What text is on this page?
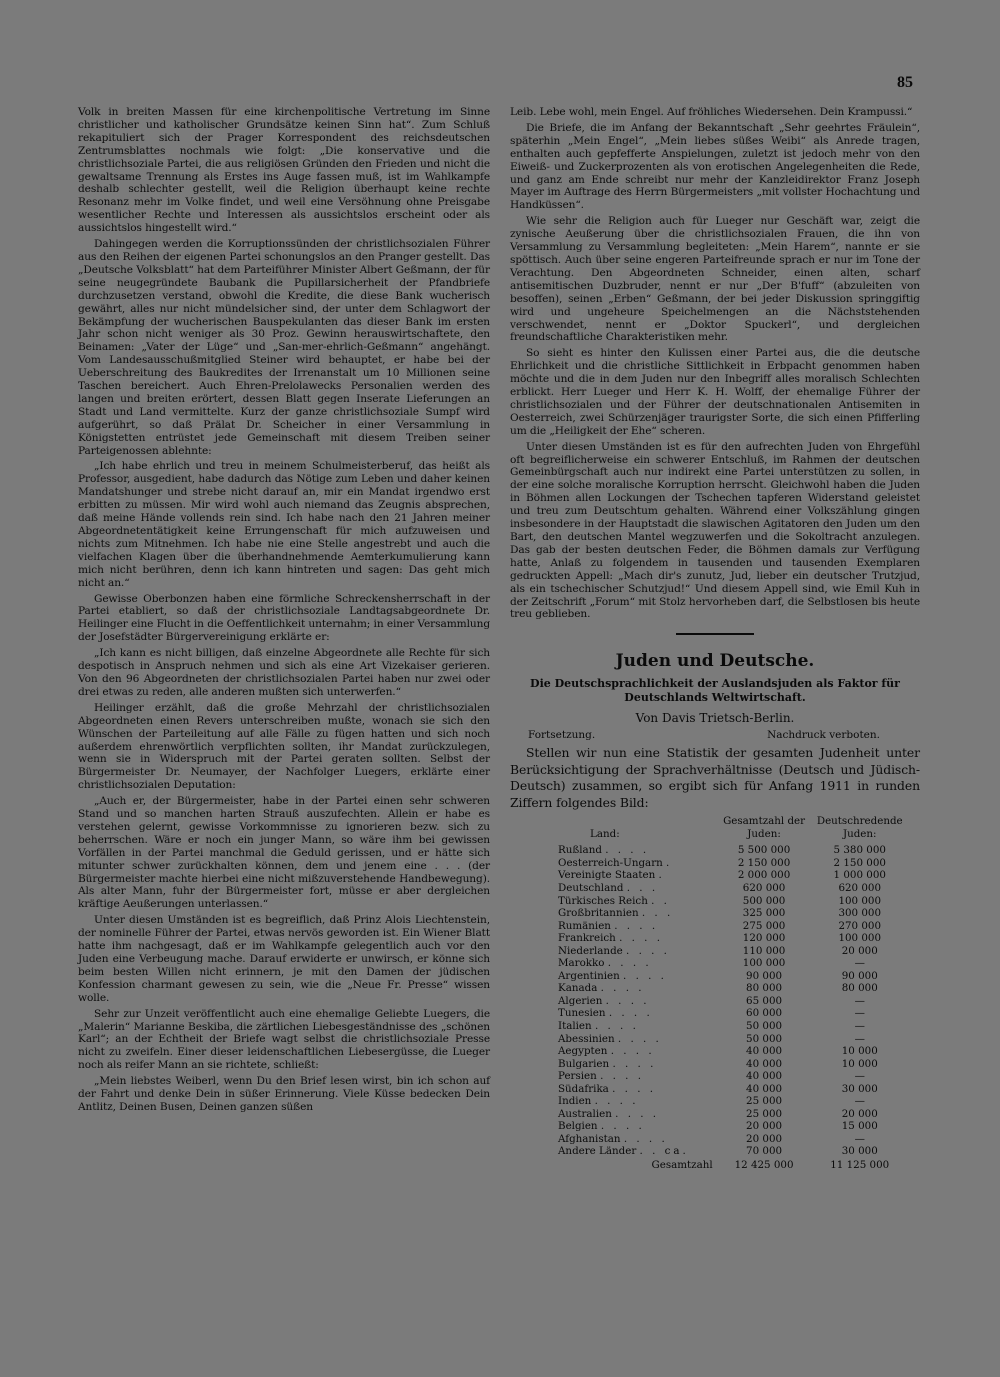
85

Volk in breiten Massen für eine kirchenpolitische Vertretung im Sinne christlicher und katholischer Grundsätze keinen Sinn hat“. Zum Schluß rekapituliert sich der Prager Korrespondent des reichsdeutschen Zentrumsblattes nochmals wie folgt: „Die konservative und die christlichsoziale Partei, die aus religiösen Gründen den Frieden und nicht die gewaltsame Trennung als Erstes ins Auge fassen muß, ist im Wahlkampfe deshalb schlechter gestellt, weil die Religion überhaupt keine rechte Resonanz mehr im Volke findet, und weil eine Versöhnung ohne Preisgabe wesentlicher Rechte und Interessen als aussichtslos erscheint oder als aussichtslos hingestellt wird.“

Dahingegen werden die Korruptionssünden der christlichsozialen Führer aus den Reihen der eigenen Partei schonungslos an den Pranger gestellt. Das „Deutsche Volksblatt“ hat dem Parteiführer Minister Albert Geßmann, der für seine neugegründete Baubank die Pupillarsicherheit der Pfandbriefe durchzusetzen verstand, obwohl die Kredite, die diese Bank wucherisch gewährt, alles nur nicht mündelsicher sind, der unter dem Schlagwort der Bekämpfung der wucherischen Bauspekulanten das dieser Bank im ersten Jahr schon nicht weniger als 30 Proz. Gewinn herauswirtschaftete, den Beinamen: „Vater der Lüge“ und „San-mer-ehrlich-Geßmann“ angehängt. Vom Landesausschußmitglied Steiner wird behauptet, er habe bei der Ueberschreitung des Baukredites der Irrenanstalt um 10 Millionen seine Taschen bereichert. Auch Ehren-Prelolawecks Personalien werden des langen und breiten erörtert, dessen Blatt gegen Inserate Lieferungen an Stadt und Land vermittelte. Kurz der ganze christlichsoziale Sumpf wird aufgerührt, so daß Prälat Dr. Scheicher in einer Versammlung in Königstetten entrüstet jede Gemeinschaft mit diesem Treiben seiner Parteigenossen ablehnte:

„Ich habe ehrlich und treu in meinem Schulmeisterberuf, das heißt als Professor, ausgedient, habe dadurch das Nötige zum Leben und daher keinen Mandatshunger und strebe nicht darauf an, mir ein Mandat irgendwo erst erbitten zu müssen. Mir wird wohl auch niemand das Zeugnis absprechen, daß meine Hände vollends rein sind. Ich habe nach den 21 Jahren meiner Abgeordnetentätigkeit keine Errungenschaft für mich aufzuweisen und nichts zum Mitnehmen. Ich habe nie eine Stelle angestrebt und auch die vielfachen Klagen über die überhandnehmende Aemterkumulierung kann mich nicht berühren, denn ich kann hintreten und sagen: Das geht mich nicht an.“

Gewisse Oberbonzen haben eine förmliche Schreckensherrschaft in der Partei etabliert, so daß der christlichsoziale Landtagsabgeordnete Dr. Heilinger eine Flucht in die Oeffentlichkeit unternahm; in einer Versammlung der Josefstädter Bürgervereinigung erklärte er:

„Ich kann es nicht billigen, daß einzelne Abgeordnete alle Rechte für sich despotisch in Anspruch nehmen und sich als eine Art Vizekaiser gerieren. Von den 96 Abgeordneten der christlichsozialen Partei haben nur zwei oder drei etwas zu reden, alle anderen mußten sich unterwerfen.“

Heilinger erzählt, daß die große Mehrzahl der christlichsozialen Abgeordneten einen Revers unterschreiben mußte, wonach sie sich den Wünschen der Parteileitung auf alle Fälle zu fügen hatten und sich noch außerdem ehrenwörtlich verpflichten sollten, ihr Mandat zurückzulegen, wenn sie in Widerspruch mit der Partei geraten sollten. Selbst der Bürgermeister Dr. Neumayer, der Nachfolger Luegers, erklärte einer christlichsozialen Deputation:

„Auch er, der Bürgermeister, habe in der Partei einen sehr schweren Stand und so manchen harten Strauß auszufechten. Allein er habe es verstehen gelernt, gewisse Vorkommnisse zu ignorieren bezw. sich zu beherrschen. Wäre er noch ein junger Mann, so wäre ihm bei gewissen Vorfällen in der Partei manchmal die Geduld gerissen, und er hätte sich mitunter schwer zurückhalten können, dem und jenem eine . . . (der Bürgermeister machte hierbei eine nicht mißzuverstehende Handbewegung). Als alter Mann, fuhr der Bürgermeister fort, müsse er aber dergleichen kräftige Aeußerungen unterlassen.“

Unter diesen Umständen ist es begreiflich, daß Prinz Alois Liechtenstein, der nominelle Führer der Partei, etwas nervös geworden ist. Ein Wiener Blatt hatte ihm nachgesagt, daß er im Wahlkampfe gelegentlich auch vor den Juden eine Verbeugung mache. Darauf erwiderte er unwirsch, er könne sich beim besten Willen nicht erinnern, je mit den Damen der jüdischen Konfession charmant gewesen zu sein, wie die „Neue Fr. Presse“ wissen wolle.

Sehr zur Unzeit veröffentlicht auch eine ehemalige Geliebte Luegers, die „Malerin“ Marianne Beskiba, die zärtlichen Liebesgeständnisse des „schönen Karl“; an der Echtheit der Briefe wagt selbst die christlichsoziale Presse nicht zu zweifeln. Einer dieser leidenschaftlichen Liebesergüsse, die Lueger noch als reifer Mann an sie richtete, schließt:

„Mein liebstes Weiberl, wenn Du den Brief lesen wirst, bin ich schon auf der Fahrt und denke Dein in süßer Erinnerung. Viele Küsse bedecken Dein Antlitz, Deinen Busen, Deinen ganzen süßen

Leib. Lebe wohl, mein Engel. Auf fröhliches Wiedersehen. Dein Krampussi.“

Die Briefe, die im Anfang der Bekanntschaft „Sehr geehrtes Fräulein“, späterhin „Mein Engel“, „Mein liebes süßes Weibi“ als Anrede tragen, enthalten auch gepfefferte Anspielungen, zuletzt ist jedoch mehr von den Eiweiß- und Zuckerprozenten als von erotischen Angelegenheiten die Rede, und ganz am Ende schreibt nur mehr der Kanzleidirektor Franz Joseph Mayer im Auftrage des Herrn Bürgermeisters „mit vollster Hochachtung und Handküssen“.

Wie sehr die Religion auch für Lueger nur Geschäft war, zeigt die zynische Aeußerung über die christlichsozialen Frauen, die ihn von Versammlung zu Versammlung begleiteten: „Mein Harem“, nannte er sie spöttisch. Auch über seine engeren Parteifreunde sprach er nur im Tone der Verachtung. Den Abgeordneten Schneider, einen alten, scharf antisemitischen Duzbruder, nennt er nur „Der B'fuff“ (abzuleiten von besoffen), seinen „Erben“ Geßmann, der bei jeder Diskussion springgiftig wird und ungeheure Speichelmengen an die Nächststehenden verschwendet, nennt er „Doktor Spuckerl“, und dergleichen freundschaftliche Charakteristiken mehr.

So sieht es hinter den Kulissen einer Partei aus, die die deutsche Ehrlichkeit und die christliche Sittlichkeit in Erbpacht genommen haben möchte und die in dem Juden nur den Inbegriff alles moralisch Schlechten erblickt. Herr Lueger und Herr K. H. Wolff, der ehemalige Führer der christlichsozialen und der Führer der deutschnationalen Antisemiten in Oesterreich, zwei Schürzenjäger traurigster Sorte, die sich einen Pfifferling um die „Heiligkeit der Ehe“ scheren.

Unter diesen Umständen ist es für den aufrechten Juden von Ehrgefühl oft begreiflicherweise ein schwerer Entschluß, im Rahmen der deutschen Gemeinbürgschaft auch nur indirekt eine Partei unterstützen zu sollen, in der eine solche moralische Korruption herrscht. Gleichwohl haben die Juden in Böhmen allen Lockungen der Tschechen tapferen Widerstand geleistet und treu zum Deutschtum gehalten. Während einer Volkszählung gingen insbesondere in der Hauptstadt die slawischen Agitatoren den Juden um den Bart, den deutschen Mantel wegzuwerfen und die Sokoltracht anzulegen. Das gab der besten deutschen Feder, die Böhmen damals zur Verfügung hatte, Anlaß zu folgendem in tausenden und tausenden Exemplaren gedruckten Appell: „Mach dir's zunutz, Jud, lieber ein deutscher Trutzjud, als ein tschechischer Schutzjud!“ Und diesem Appell sind, wie Emil Kuh in der Zeitschrift „Forum“ mit Stolz hervorheben darf, die Selbstlosen bis heute treu geblieben.

Juden und Deutsche.
Die Deutschsprachlichkeit der Auslandsjuden als Faktor für Deutschlands Weltwirtschaft.
Von Davis Trietsch-Berlin.
Fortsetzung.	Nachdruck verboten.

Stellen wir nun eine Statistik der gesamten Judenheit unter Berücksichtigung der Sprachverhältnisse (Deutsch und Jüdisch-Deutsch) zusammen, so ergibt sich für Anfang 1911 in runden Ziffern folgendes Bild:

Land:	Gesamtzahl der Juden:	Deutschredende Juden:
Rußland . . . .	5 500 000	5 380 000
Oesterreich-Ungarn .	2 150 000	2 150 000
Vereinigte Staaten .	2 000 000	1 000 000
Deutschland . . .	620 000	620 000
Türkisches Reich . .	500 000	100 000
Großbritannien . . .	325 000	300 000
Rumänien . . . .	275 000	270 000
Frankreich . . . .	120 000	100 000
Niederlande . . . .	110 000	20 000
Marokko . . . .	100 000	—
Argentinien . . . .	90 000	90 000
Kanada . . . .	80 000	80 000
Algerien . . . .	65 000	—
Tunesien . . . .	60 000	—
Italien . . . .	50 000	—
Abessinien . . . .	50 000	—
Aegypten . . . .	40 000	10 000
Bulgarien . . . .	40 000	10 000
Persien . . . .	40 000	—
Südafrika . . . .	40 000	30 000
Indien . . . .	25 000	—
Australien . . . .	25 000	20 000
Belgien . . . .	20 000	15 000
Afghanistan . . . .	20 000	—
Andere Länder . . ca.	70 000	30 000
Gesamtzahl	12 425 000	11 125 000
